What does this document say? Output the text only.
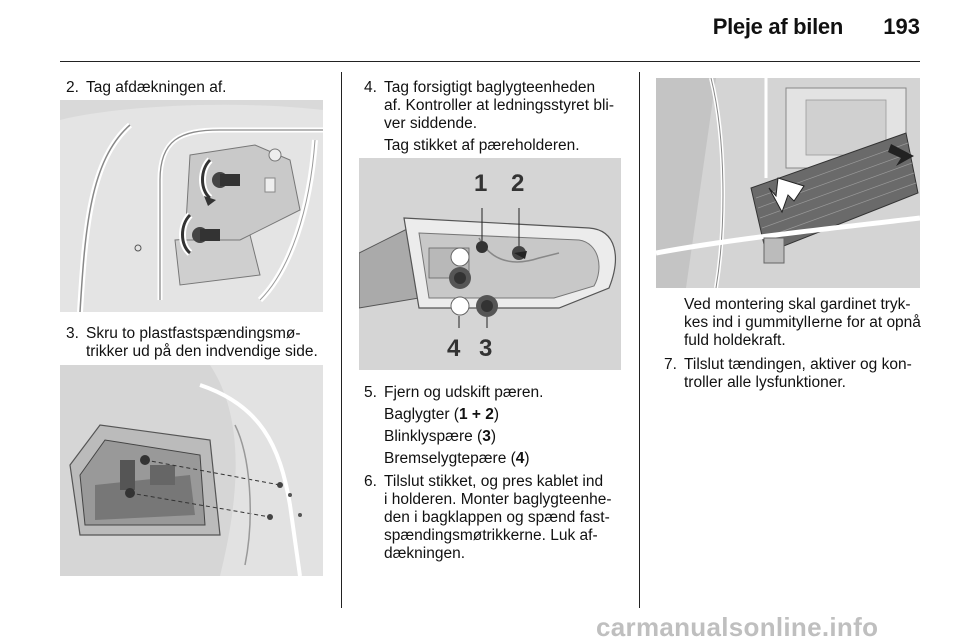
Pleje af bilen 193
2. Tag afdækningen af.
3. Skru to plastfastspændingsmø-
trikker ud på den indvendige side.
4. Tag forsigtigt baglygteenheden
af. Kontroller at ledningsstyret bli-
ver siddende.
Tag stikket af pæreholderen.
1 2
4 3
5. Fjern og udskift pæren.
Baglygter (1 + 2)
Blinklyspære (3)
Bremselygtepære (4)
6. Tilslut stikket, og pres kablet ind
i holderen. Monter baglygteenhe-
den i bagklappen og spænd fast-
spændingsmøtrikkerne. Luk af-
dækningen.
Ved montering skal gardinet tryk-
kes ind i gummitylIerne for at opnå
fuld holdekraft.
7. Tilslut tændingen, aktiver og kon-
troller alle lysfunktioner.
carmanualsonline.info
